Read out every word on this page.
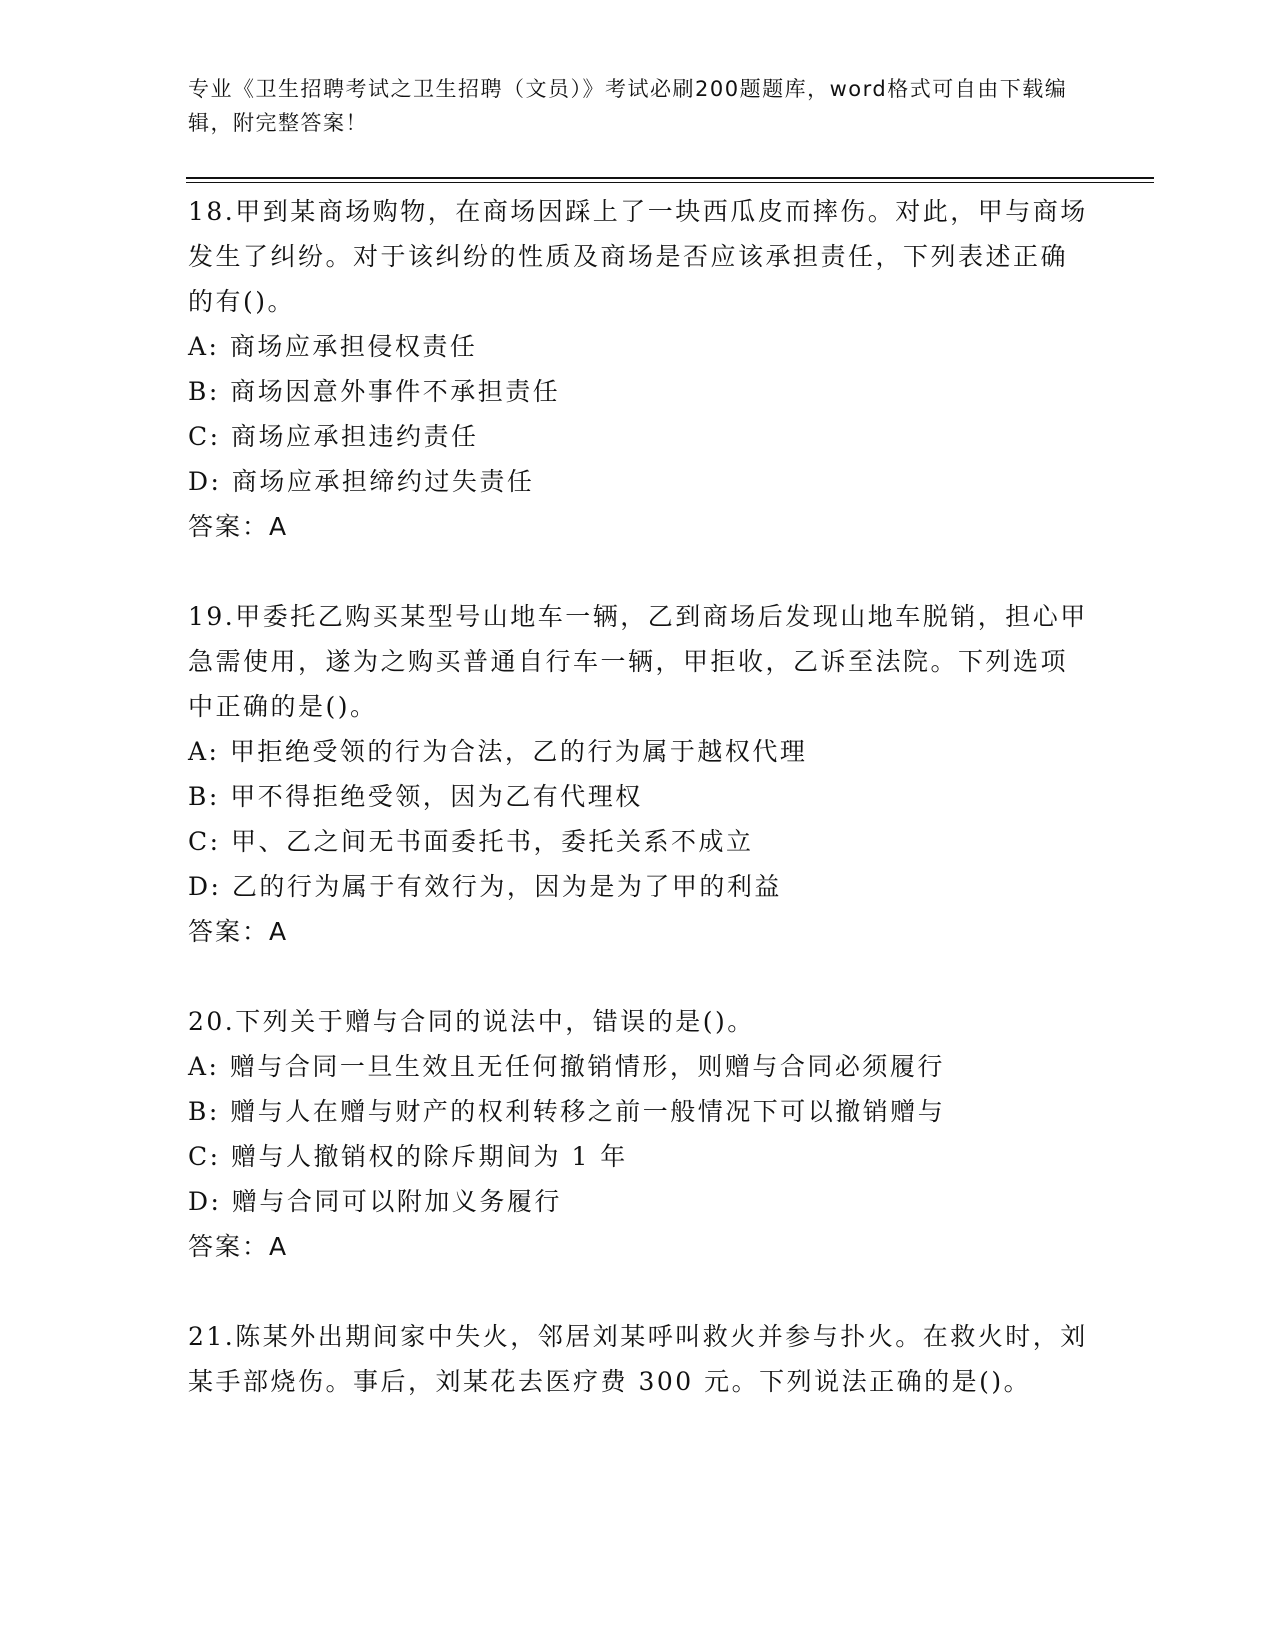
专业《卫生招聘考试之卫生招聘（文员）》考试必刷200题题库，word格式可自由下载编辑，附完整答案！

18.甲到某商场购物，在商场因踩上了一块西瓜皮而摔伤。对此，甲与商场发生了纠纷。对于该纠纷的性质及商场是否应该承担责任，下列表述正确的有()。

A: 商场应承担侵权责任
B: 商场因意外事件不承担责任
C: 商场应承担违约责任
D: 商场应承担缔约过失责任
答案：A

19.甲委托乙购买某型号山地车一辆，乙到商场后发现山地车脱销，担心甲急需使用，遂为之购买普通自行车一辆，甲拒收，乙诉至法院。下列选项中正确的是()。

A: 甲拒绝受领的行为合法，乙的行为属于越权代理
B: 甲不得拒绝受领，因为乙有代理权
C: 甲、乙之间无书面委托书，委托关系不成立
D: 乙的行为属于有效行为，因为是为了甲的利益
答案：A

20.下列关于赠与合同的说法中，错误的是()。

A: 赠与合同一旦生效且无任何撤销情形，则赠与合同必须履行
B: 赠与人在赠与财产的权利转移之前一般情况下可以撤销赠与
C: 赠与人撤销权的除斥期间为 1 年
D: 赠与合同可以附加义务履行
答案：A

21.陈某外出期间家中失火，邻居刘某呼叫救火并参与扑火。在救火时，刘某手部烧伤。事后，刘某花去医疗费 300 元。下列说法正确的是()。
